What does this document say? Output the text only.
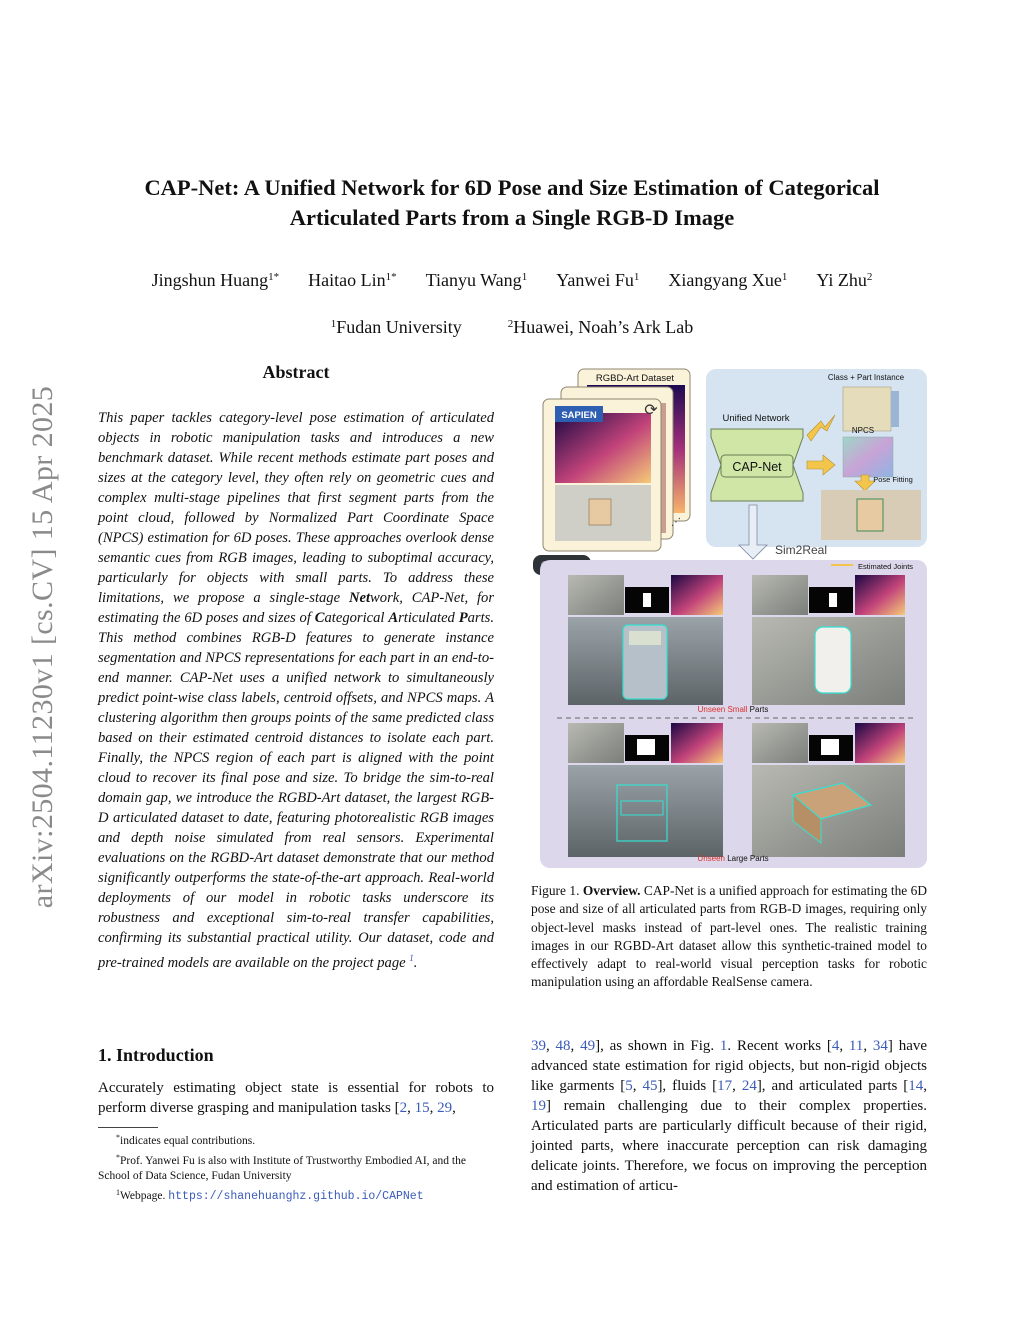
arXiv:2504.11230v1 [cs.CV] 15 Apr 2025
CAP-Net: A Unified Network for 6D Pose and Size Estimation of Categorical
Articulated Parts from a Single RGB-D Image
Jingshun Huang$^{1*}$ Haitao Lin$^{1*}$ Tianyu Wang$^1$ Yanwei Fu$^1$ Xiangyang Xue$^1$ Yi Zhu$^2$
$^1$Fudan University	$^2$Huawei, Noah’s Ark Lab
Abstract
This paper tackles category-level pose estimation of articulated objects in robotic manipulation tasks and introduces a new benchmark dataset. While recent methods estimate part poses and sizes at the category level, they often rely on geometric cues and complex multi-stage pipelines that first segment parts from the point cloud, followed by Normalized Part Coordinate Space (NPCS) estimation for 6D poses. These approaches overlook dense semantic cues from RGB images, leading to suboptimal accuracy, particularly for objects with small parts. To address these limitations, we propose a single-stage Network, CAP-Net, for estimating the 6D poses and sizes of Categorical Articulated Parts. This method combines RGB-D features to generate instance segmentation and NPCS representations for each part in an end-to-end manner. CAP-Net uses a unified network to simultaneously predict point-wise class labels, centroid offsets, and NPCS maps. A clustering algorithm then groups points of the same predicted class based on their estimated centroid distances to isolate each part. Finally, the NPCS region of each part is aligned with the point cloud to recover its final pose and size. To bridge the sim-to-real domain gap, we introduce the RGBD-Art dataset, the largest RGB-D articulated dataset to date, featuring photorealistic RGB images and depth noise simulated from real sensors. Experimental evaluations on the RGBD-Art dataset demonstrate that our method significantly outperforms the state-of-the-art approach. Real-world deployments of our model in robotic tasks underscore its robustness and exceptional sim-to-real transfer capabilities, confirming its substantial practical utility. Our dataset, code and pre-trained models are available on the project page $^1$.
1. Introduction
Accurately estimating object state is essential for robots to perform diverse grasping and manipulation tasks [2, 15, 29,
*indicates equal contributions.
*Prof. Yanwei Fu is also with Institute of Trustworthy Embodied AI, and the School of Data Science, Fudan University
$^1$Webpage. https://shanehuanghz.github.io/CAPNet
SAPIEN	⟳
RGBD-Art Dataset
⋰
Unified Network
CAP-Net
Class + Part Instance
NPCS
Pose Fitting
Sim2Real
Estimated Joints
Unseen Small Parts
Unseen Large Parts
Figure 1. Overview. CAP-Net is a unified approach for estimating the 6D pose and size of all articulated parts from RGB-D images, requiring only object-level masks instead of part-level ones. The realistic training images in our RGBD-Art dataset allow this synthetic-trained model to effectively adapt to real-world visual perception tasks for robotic manipulation using an affordable RealSense camera.
39, 48, 49], as shown in Fig. 1. Recent works [4, 11, 34] have advanced state estimation for rigid objects, but non-rigid objects like garments [5, 45], fluids [17, 24], and articulated parts [14, 19] remain challenging due to their complex properties. Articulated parts are particularly difficult because of their rigid, jointed parts, where inaccurate perception can risk damaging delicate joints. Therefore, we focus on improving the perception and estimation of articu-
